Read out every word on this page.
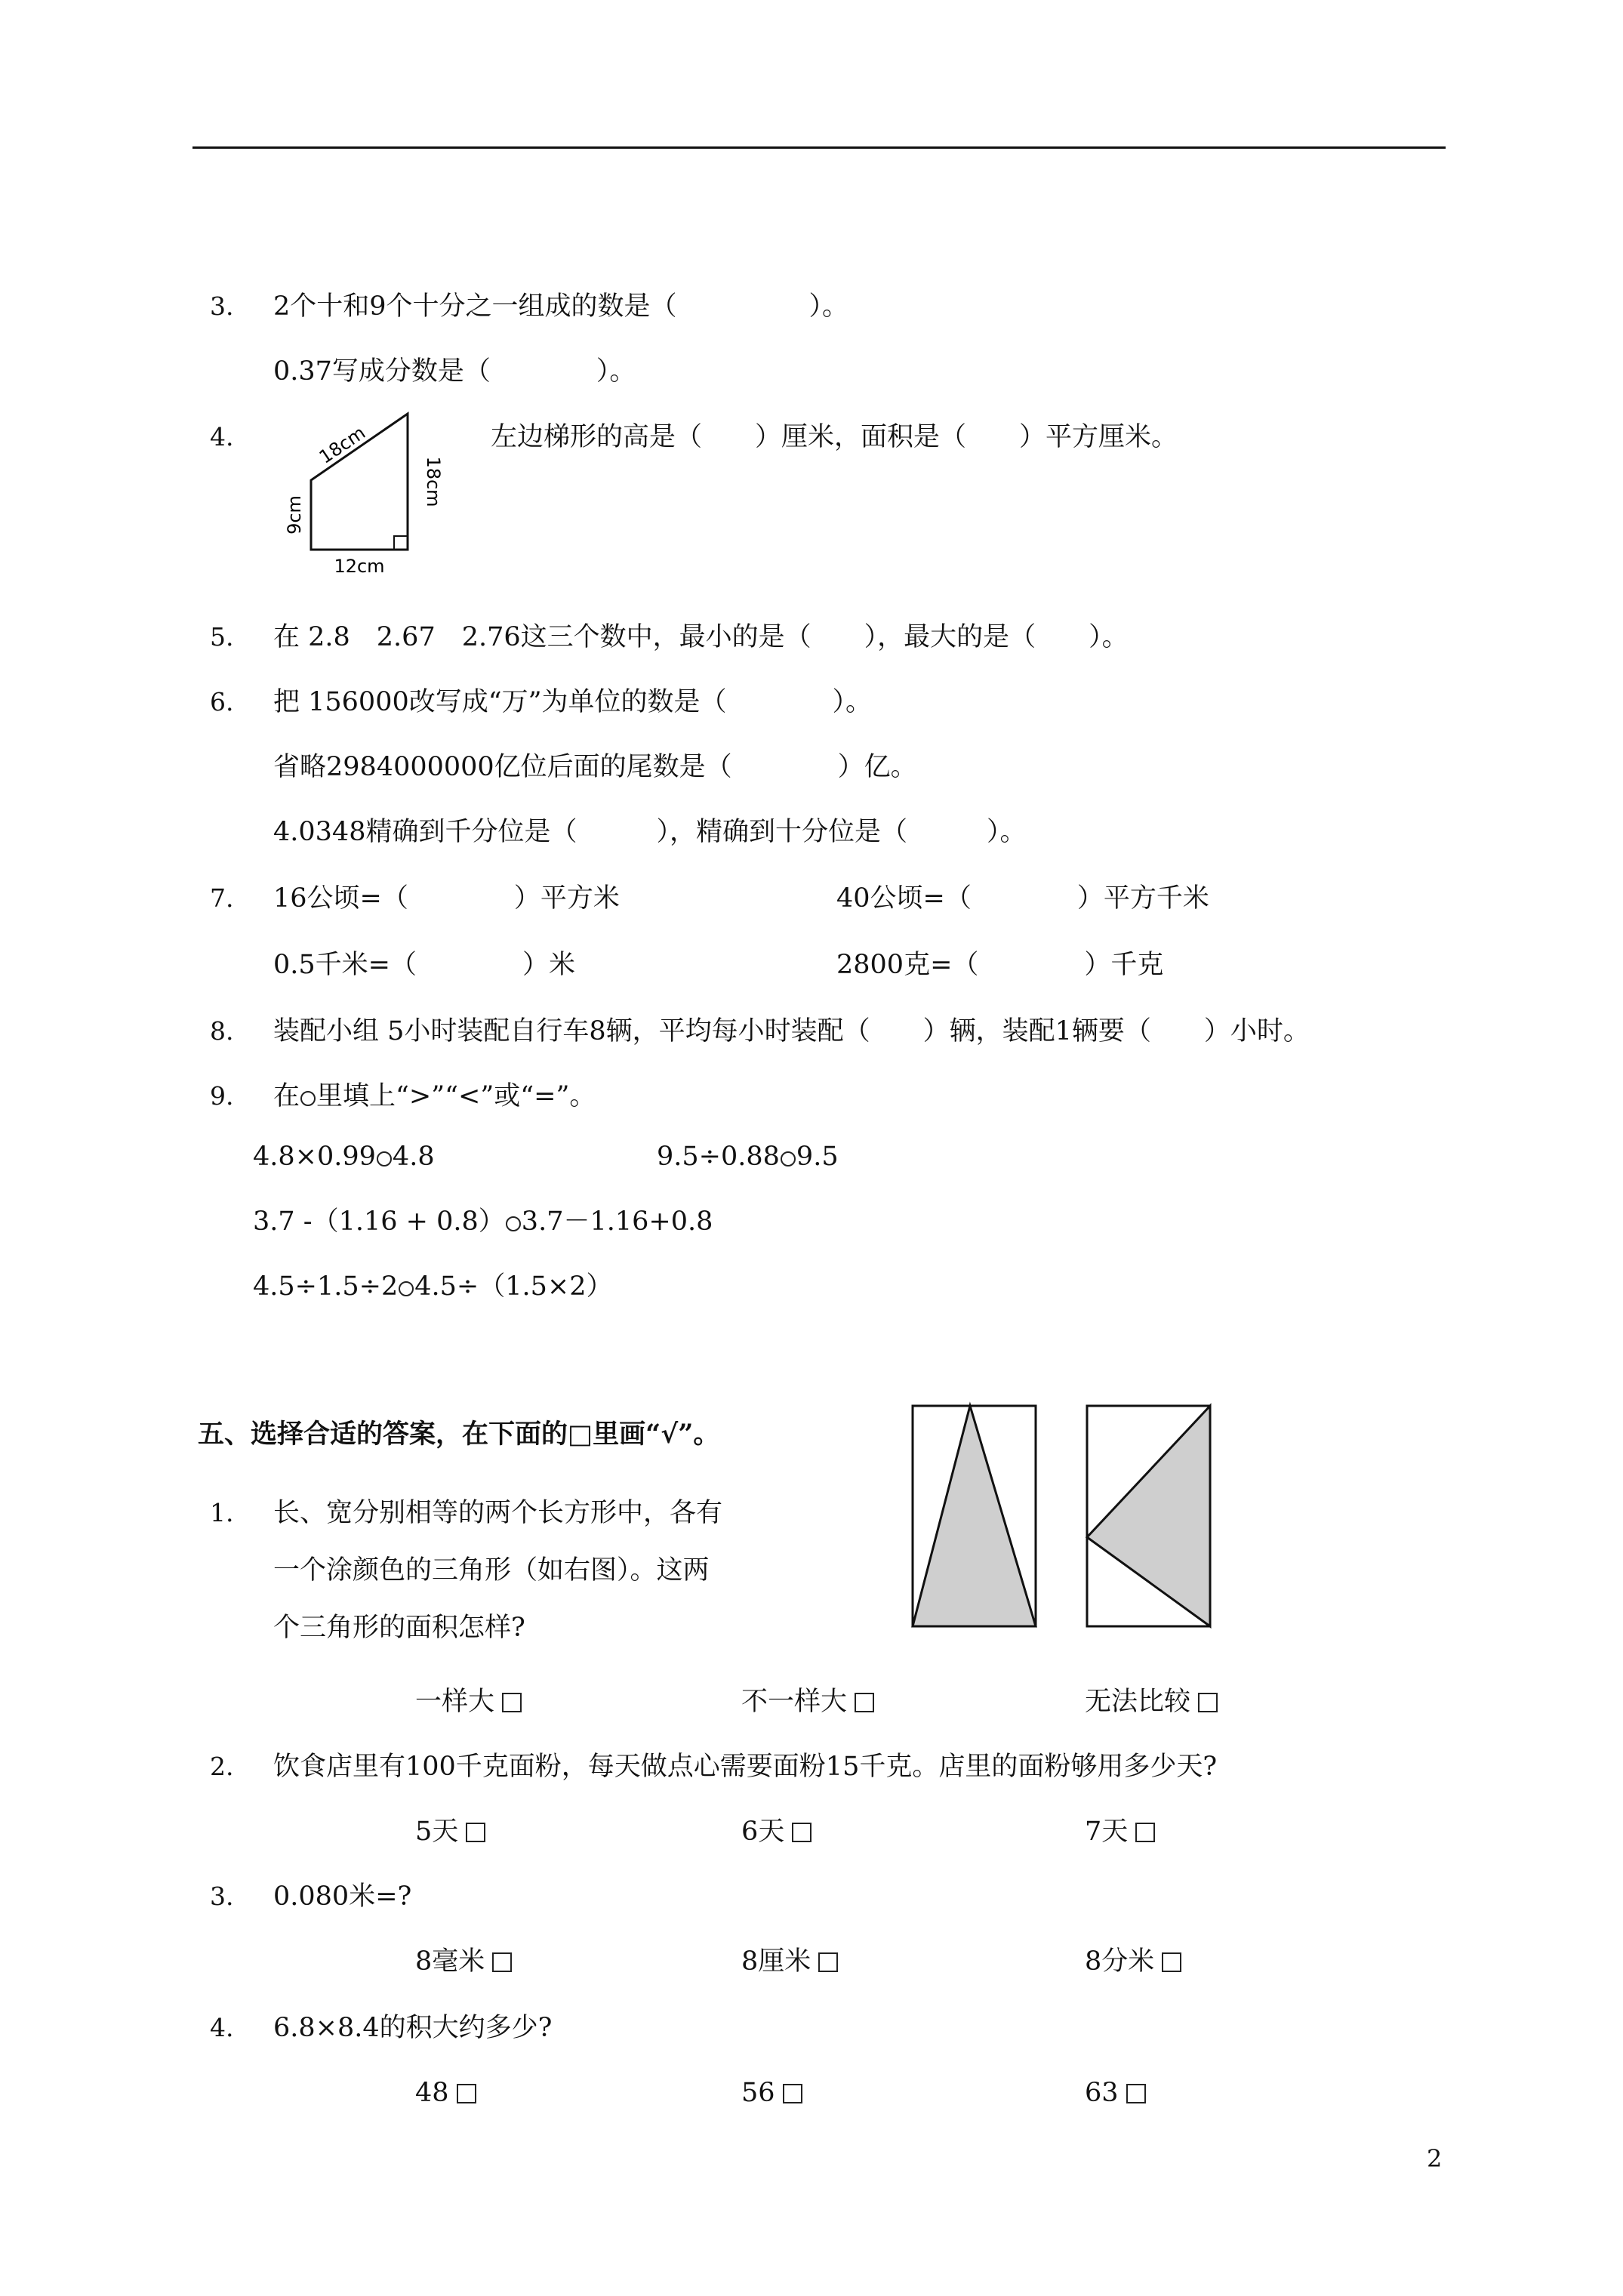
3. 2个十和9个十分之一组成的数是（　　　　　）。
0.37写成分数是（　　　　）。
4.	18cm
18cm
9cm
12cm
左边梯形的高是（　　）厘米，面积是（　　）平方厘米。
5. 在 2.8　2.67　2.76这三个数中，最小的是（　　），最大的是（　　）。
6. 把 156000改写成“万”为单位的数是（　　　　）。
省略2984000000亿位后面的尾数是（　　　　）亿。
4.0348精确到千分位是（　　　），精确到十分位是（　　　）。
7. 16公顷=（　　　　）平方米	40公顷=（　　　　）平方千米
0.5千米=（　　　　）米	2800克=（　　　　）千克
8. 装配小组 5小时装配自行车8辆，平均每小时装配（　　）辆，装配1辆要（　　）小时。
9. 在 里填上“>”“<”或“=”。
4.8×0.99 4.8	9.5÷0.88 9.5
3.7 -（1.16 + 0.8） 3.7－1.16+0.8
4.5÷1.5÷2 4.5÷（1.5×2）
五、选择合适的答案，在下面的□里画“√”。
1. 长、宽分别相等的两个长方形中，各有
一个涂颜色的三角形（如右图）。这两
个三角形的面积怎样?
一样大	不一样大	无法比较
2. 饮食店里有100千克面粉，每天做点心需要面粉15千克。店里的面粉够用多少天?
5天	6天	7天
3. 0.080米=?
8毫米	8厘米	8分米
4. 6.8×8.4的积大约多少?
48	56	63
2
